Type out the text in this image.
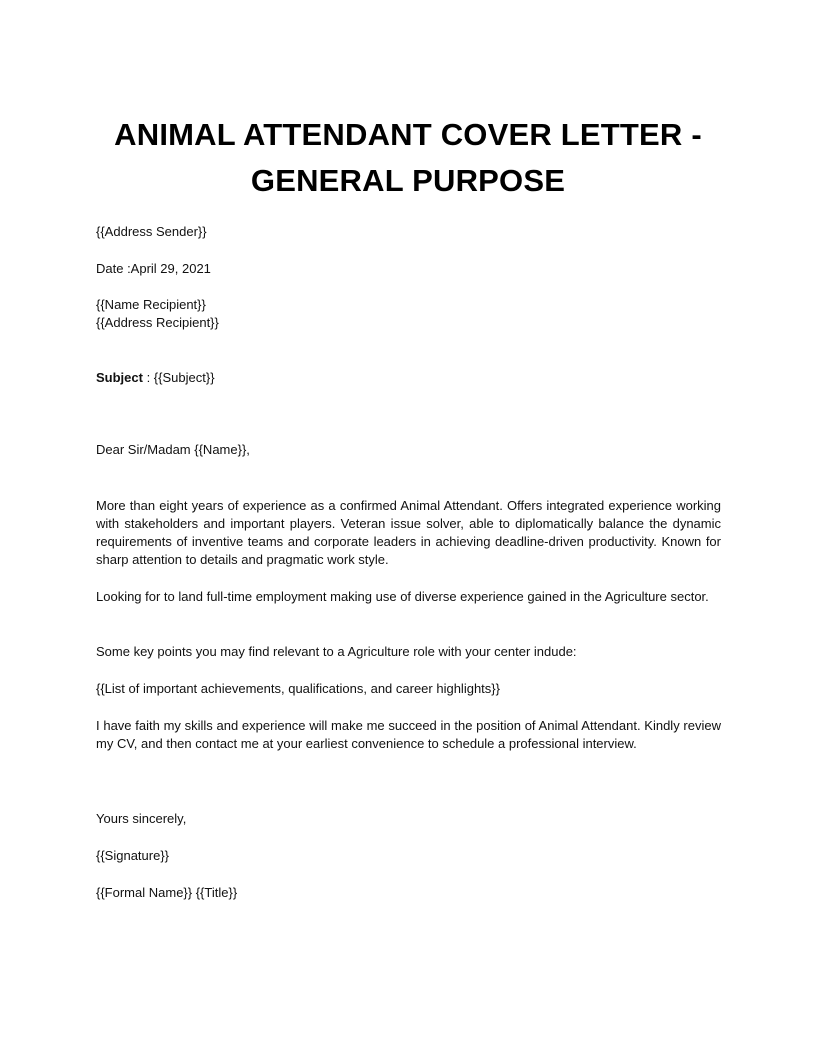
ANIMAL ATTENDANT COVER LETTER -
GENERAL PURPOSE
{{Address Sender}}
Date :April 29, 2021
{{Name Recipient}}
{{Address Recipient}}
Subject : {{Subject}}
Dear Sir/Madam {{Name}},
More than eight years of experience as a confirmed Animal Attendant. Offers integrated experience working with stakeholders and important players. Veteran issue solver, able to diplomatically balance the dynamic requirements of inventive teams and corporate leaders in achieving deadline-driven productivity. Known for sharp attention to details and pragmatic work style.
Looking for to land full-time employment making use of diverse experience gained in the Agriculture sector.
Some key points you may find relevant to a Agriculture role with your center indude:
{{List of important achievements, qualifications, and career highlights}}
I have faith my skills and experience will make me succeed in the position of Animal Attendant. Kindly review my CV, and then contact me at your earliest convenience to schedule a professional interview.
Yours sincerely,
{{Signature}}
{{Formal Name}} {{Title}}
